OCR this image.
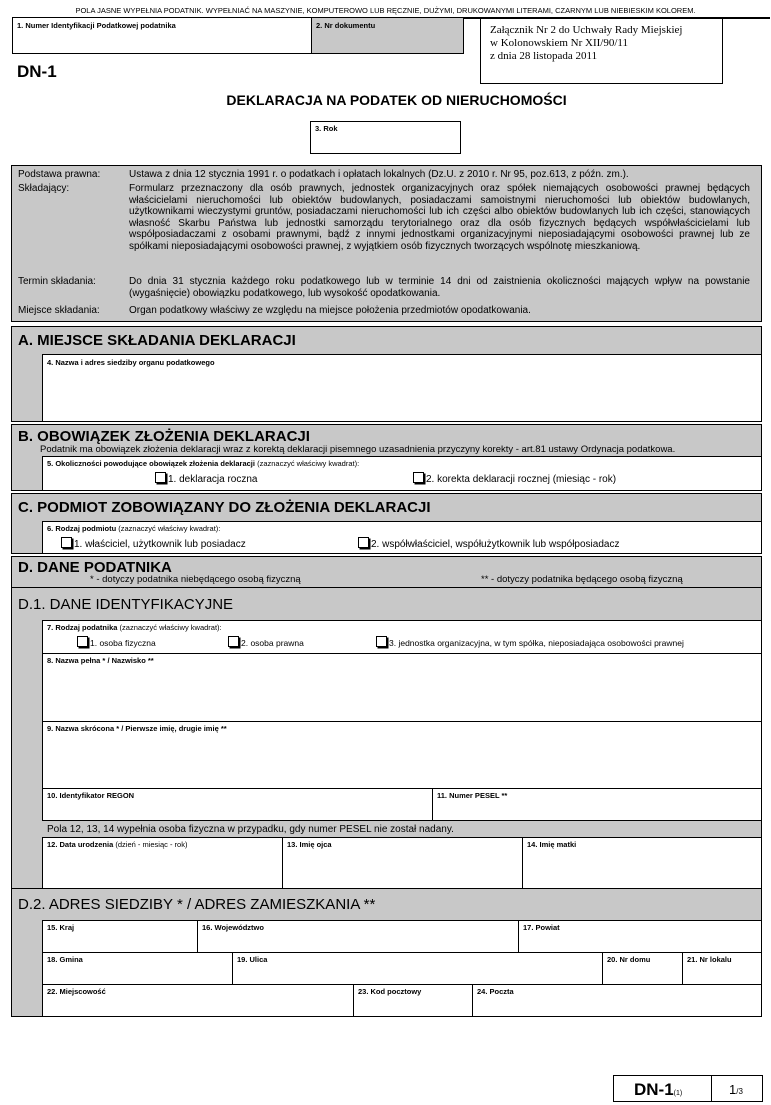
POLA JASNE WYPEŁNIA PODATNIK. WYPEŁNIAĆ NA MASZYNIE, KOMPUTEROWO LUB RĘCZNIE, DUŻYMI, DRUKOWANYMI LITERAMI, CZARNYM LUB NIEBIESKIM KOLOREM.
1. Numer Identyfikacji Podatkowej podatnika	2. Nr dokumentu	Załącznik Nr 2 do Uchwały Rady Miejskiej
w Kolonowskiem Nr XII/90/11
z dnia 28 listopada 2011
DN-1
DEKLARACJA NA PODATEK OD NIERUCHOMOŚCI
3. Rok
Podstawa prawna:	Ustawa z dnia 12 stycznia 1991 r. o podatkach i opłatach lokalnych (Dz.U. z 2010 r. Nr 95, poz.613, z późn. zm.).
Składający:	Formularz przeznaczony dla osób prawnych, jednostek organizacyjnych oraz spółek niemających osobowości prawnej będących właścicielami nieruchomości lub obiektów budowlanych, posiadaczami samoistnymi nieruchomości lub obiektów budowlanych, użytkownikami wieczystymi gruntów, posiadaczami nieruchomości lub ich części albo obiektów budowlanych lub ich części, stanowiących własność Skarbu Państwa lub jednostki samorządu terytorialnego oraz dla osób fizycznych będących współwłaścicielami lub współposiadaczami z osobami prawnymi, bądź z innymi jednostkami organizacyjnymi nieposiadającymi osobowości prawnej lub ze spółkami nieposiadającymi osobowości prawnej, z wyjątkiem osób fizycznych tworzących wspólnotę mieszkaniową.
Termin składania:	Do dnia 31 stycznia każdego roku podatkowego lub w terminie 14 dni od zaistnienia okoliczności mających wpływ na powstanie (wygaśnięcie) obowiązku podatkowego, lub wysokość opodatkowania.
Miejsce składania:	Organ podatkowy właściwy ze względu na miejsce położenia przedmiotów opodatkowania.
A. MIEJSCE SKŁADANIA DEKLARACJI
4. Nazwa i adres siedziby organu podatkowego
B. OBOWIĄZEK ZŁOŻENIA DEKLARACJI
Podatnik ma obowiązek złożenia deklaracji wraz z korektą deklaracji pisemnego uzasadnienia przyczyny korekty - art.81 ustawy Ordynacja podatkowa.
5. Okoliczności powodujące obowiązek złożenia deklaracji (zaznaczyć właściwy kwadrat):
1. deklaracja roczna	2. korekta deklaracji rocznej (miesiąc - rok)
C. PODMIOT ZOBOWIĄZANY DO ZŁOŻENIA DEKLARACJI
6. Rodzaj podmiotu (zaznaczyć właściwy kwadrat):
1. właściciel, użytkownik lub posiadacz	2. współwłaściciel, współużytkownik lub współposiadacz
D. DANE PODATNIKA
* - dotyczy podatnika niebędącego osobą fizyczną	** - dotyczy podatnika będącego osobą fizyczną
D.1. DANE IDENTYFIKACYJNE
7. Rodzaj podatnika (zaznaczyć właściwy kwadrat):
1. osoba fizyczna	2. osoba prawna	3. jednostka organizacyjna, w tym spółka, nieposiadająca osobowości prawnej
8. Nazwa pełna * / Nazwisko **
9. Nazwa skrócona * / Pierwsze imię, drugie imię **
10. Identyfikator REGON	11. Numer PESEL **
Pola 12, 13, 14 wypełnia osoba fizyczna w przypadku, gdy numer PESEL nie został nadany.
12. Data urodzenia (dzień - miesiąc - rok)	13. Imię ojca	14. Imię matki
D.2. ADRES SIEDZIBY * / ADRES ZAMIESZKANIA **
15. Kraj	16. Województwo	17. Powiat
18. Gmina	19. Ulica	20. Nr domu	21. Nr lokalu
22. Miejscowość	23. Kod pocztowy	24. Poczta
DN-1(1)	1/3
